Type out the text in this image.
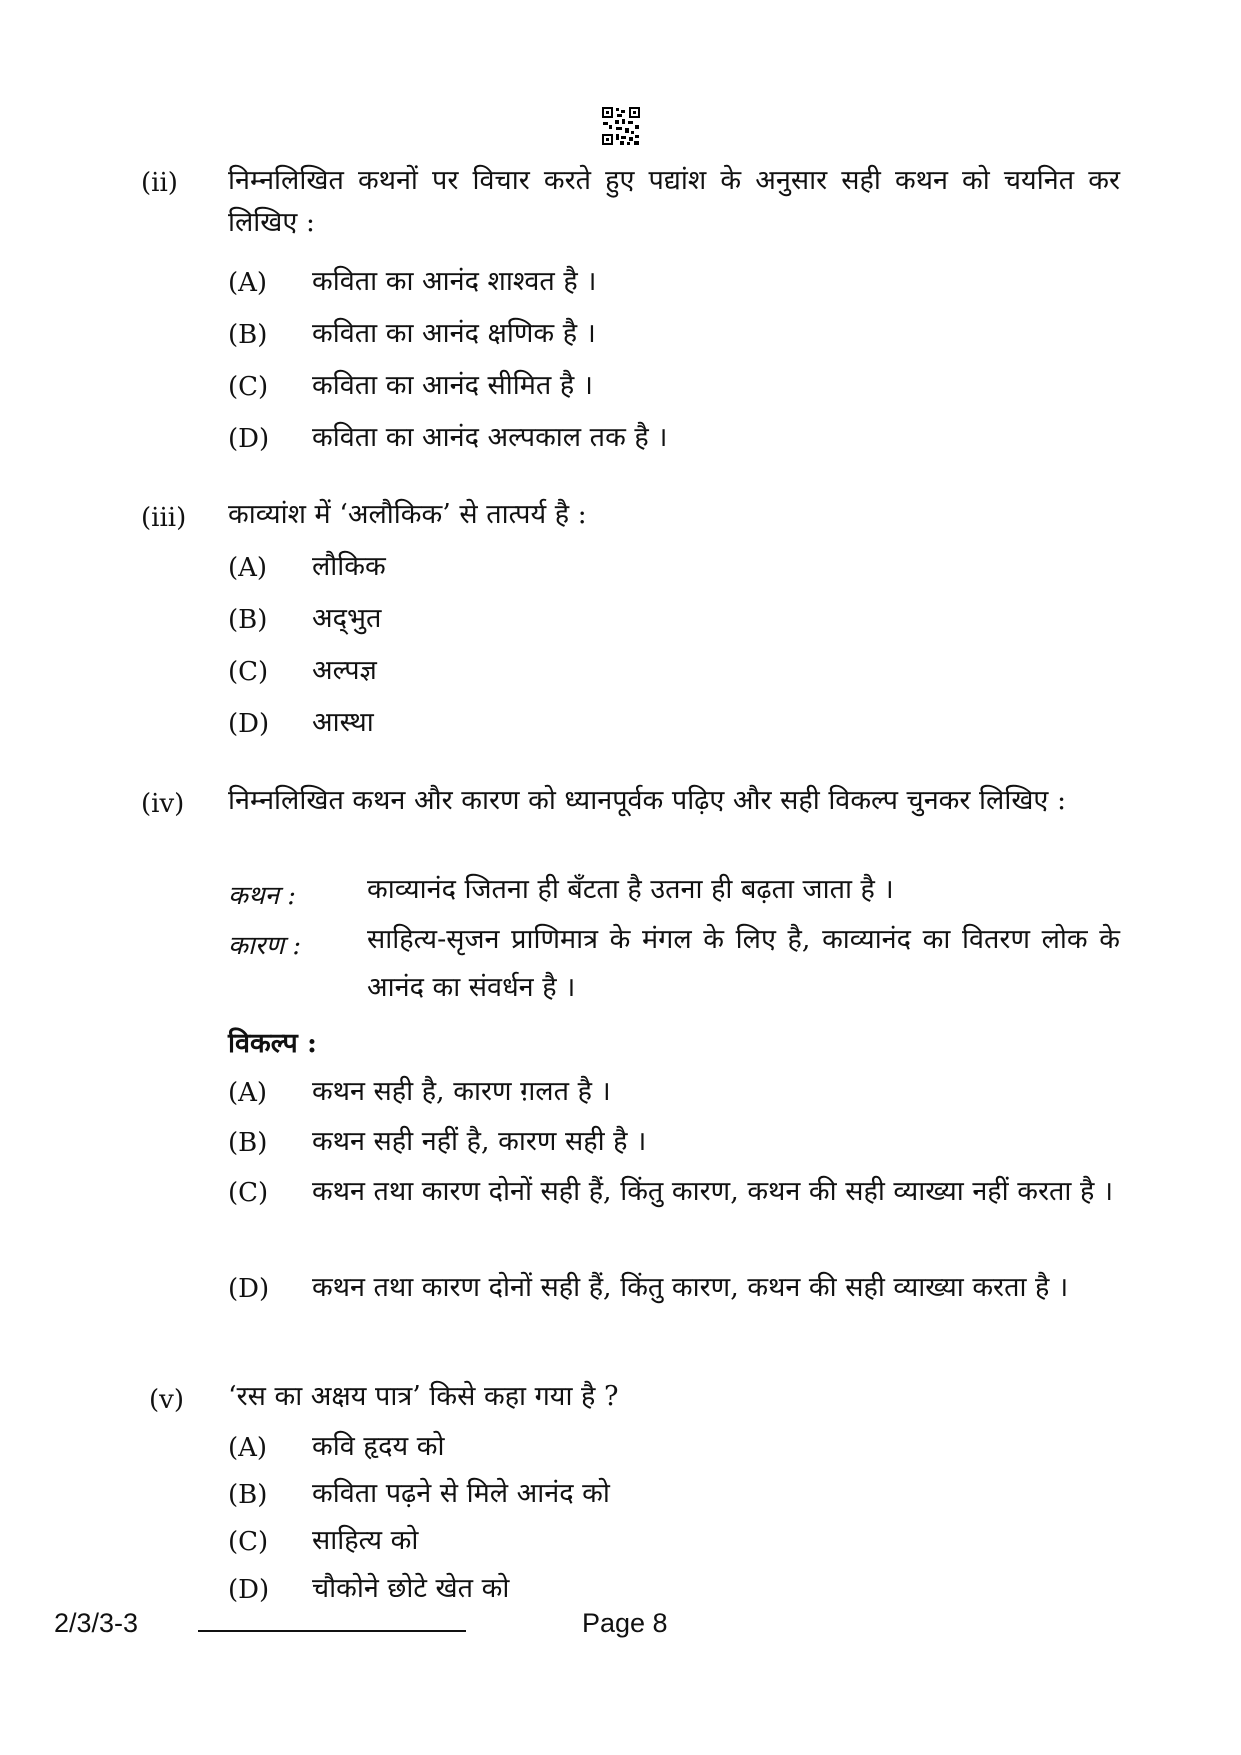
(ii) निम्नलिखित कथनों पर विचार करते हुए पद्यांश के अनुसार सही कथन को चयनित कर लिखिए :
(A) कविता का आनंद शाश्वत है ।
(B) कविता का आनंद क्षणिक है ।
(C) कविता का आनंद सीमित है ।
(D) कविता का आनंद अल्पकाल तक है ।
(iii) काव्यांश में ‘अलौकिक’ से तात्पर्य है :
(A) लौकिक
(B) अद्‌भुत
(C) अल्पज्ञ
(D) आस्था
(iv) निम्नलिखित कथन और कारण को ध्यानपूर्वक पढ़िए और सही विकल्प चुनकर लिखिए :
कथन :	काव्यानंद जितना ही बँटता है उतना ही बढ़ता जाता है ।
कारण : साहित्य-सृजन प्राणिमात्र के मंगल के लिए है, काव्यानंद का वितरण लोक के आनंद का संवर्धन है ।
विकल्प :
(A) कथन सही है, कारण ग़लत है ।
(B) कथन सही नहीं है, कारण सही है ।
(C) कथन तथा कारण दोनों सही हैं, किंतु कारण, कथन की सही व्याख्या नहीं करता है ।
(D) कथन तथा कारण दोनों सही हैं, किंतु कारण, कथन की सही व्याख्या करता है ।
(v) ‘रस का अक्षय पात्र’ किसे कहा गया है ?
(A) कवि हृदय को
(B) कविता पढ़ने से मिले आनंद को
(C) साहित्य को
(D) चौकोने छोटे खेत को
2/3/3-3	Page 8
